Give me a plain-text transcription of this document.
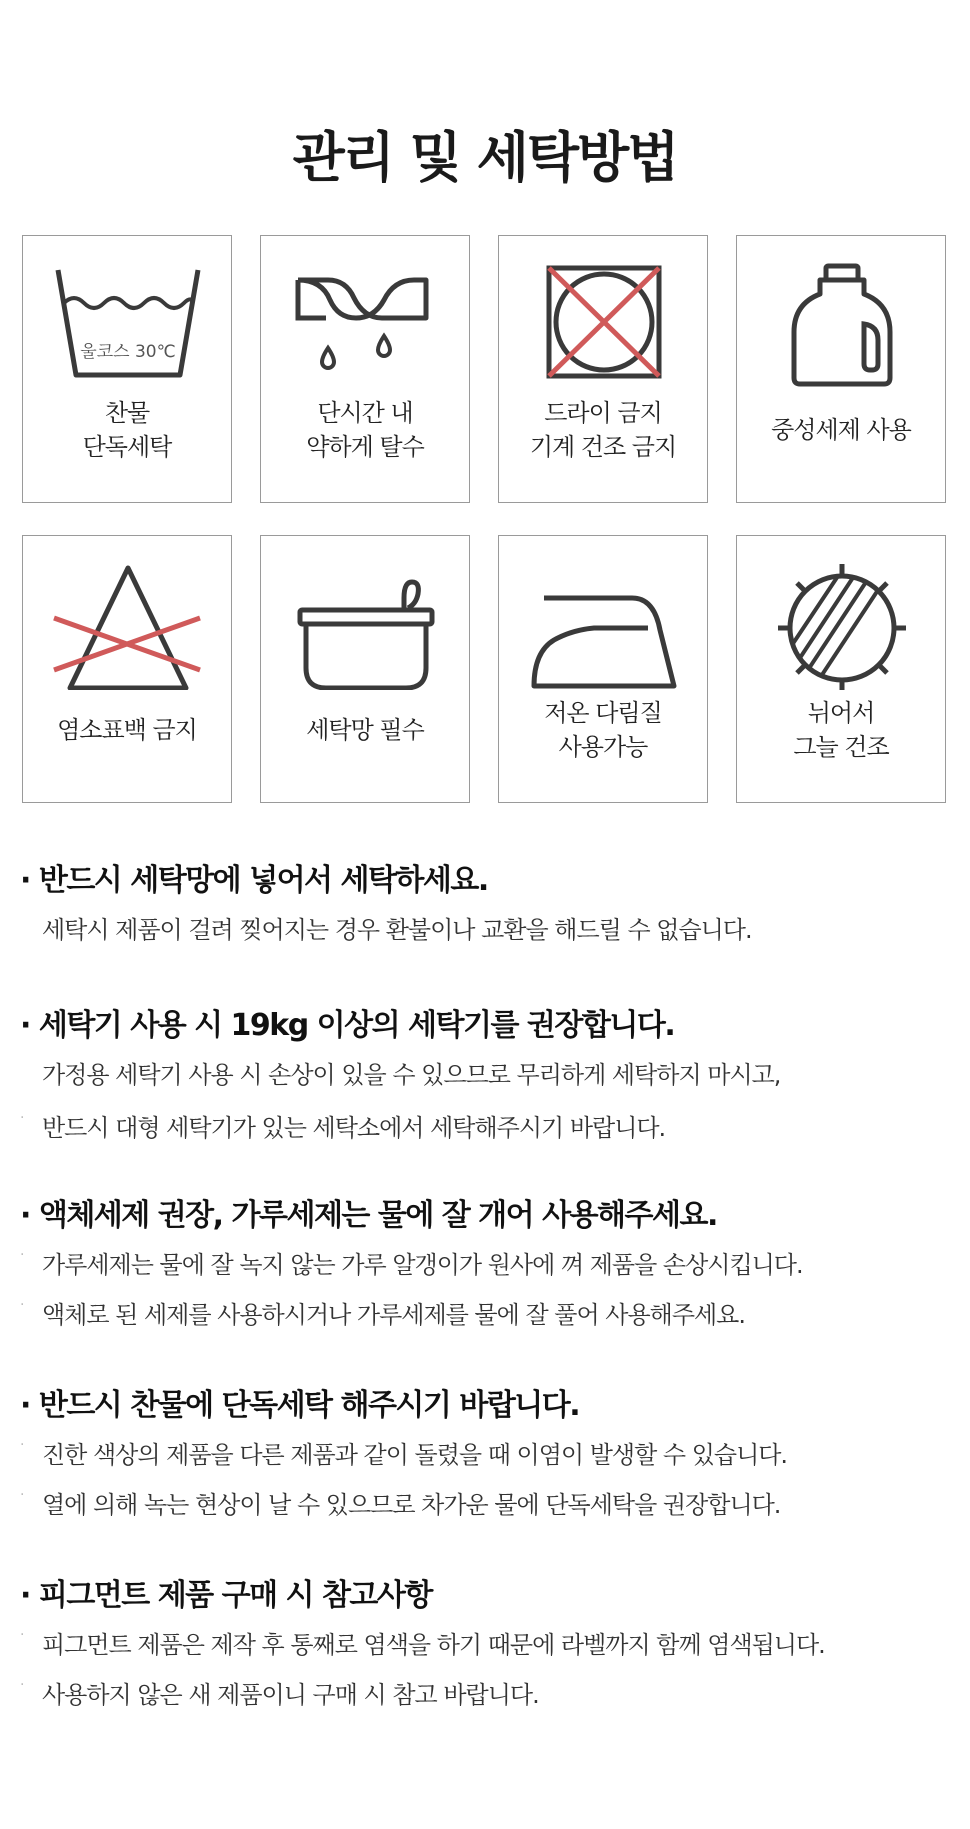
관리 및 세탁방법
울코스 30℃
찬물
단독세탁
단시간 내
약하게 탈수
드라이 금지
기계 건조 금지
중성세제 사용
염소표백 금지	세탁망 필수
저온 다림질
사용가능
뉘어서
그늘 건조
· 반드시 세탁망에 넣어서 세탁하세요.
세탁시 제품이 걸려 찢어지는 경우 환불이나 교환을 해드릴 수 없습니다.
· 세탁기 사용 시 19kg 이상의 세탁기를 권장합니다.
가정용 세탁기 사용 시 손상이 있을 수 있으므로 무리하게 세탁하지 마시고,
· 반드시 대형 세탁기가 있는 세탁소에서 세탁해주시기 바랍니다.
· 액체세제 권장, 가루세제는 물에 잘 개어 사용해주세요.
· 가루세제는 물에 잘 녹지 않는 가루 알갱이가 원사에 껴 제품을 손상시킵니다.
· 액체로 된 세제를 사용하시거나 가루세제를 물에 잘 풀어 사용해주세요.
· 반드시 찬물에 단독세탁 해주시기 바랍니다.
· 진한 색상의 제품을 다른 제품과 같이 돌렸을 때 이염이 발생할 수 있습니다.
· 열에 의해 녹는 현상이 날 수 있으므로 차가운 물에 단독세탁을 권장합니다.
· 피그먼트 제품 구매 시 참고사항
· 피그먼트 제품은 제작 후 통째로 염색을 하기 때문에 라벨까지 함께 염색됩니다.
· 사용하지 않은 새 제품이니 구매 시 참고 바랍니다.
